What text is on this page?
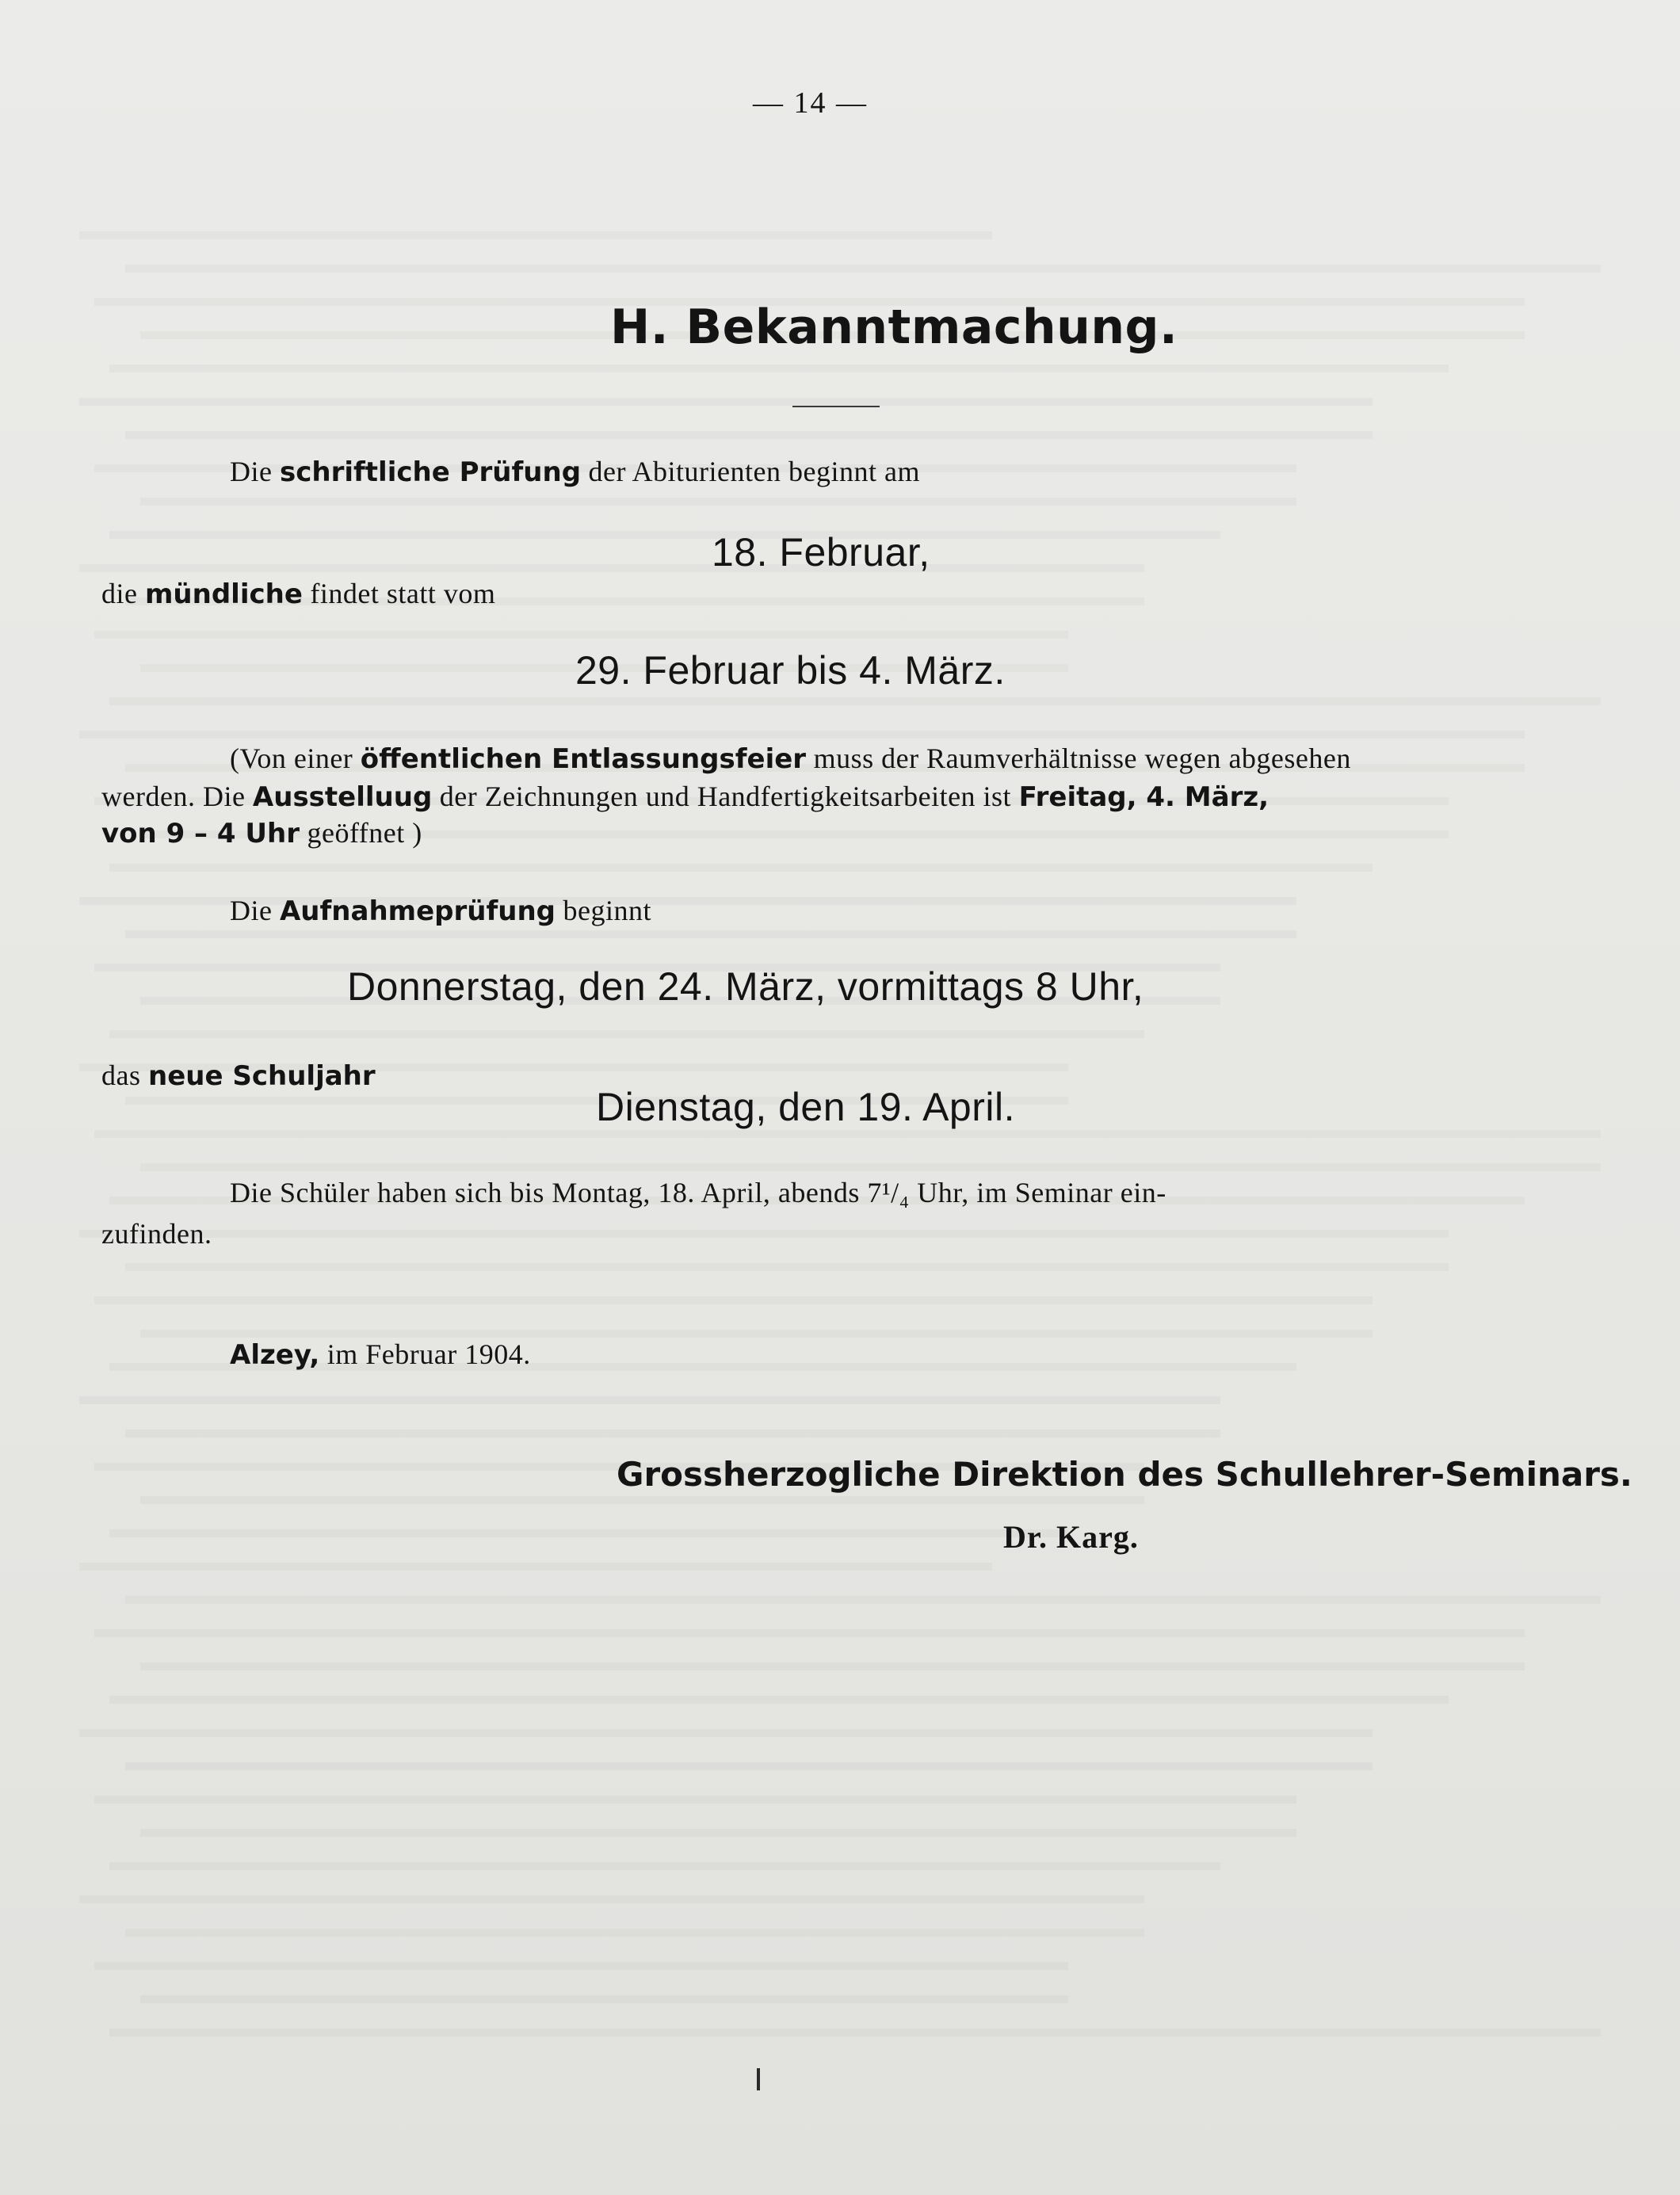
— 14 —
H. Bekanntmachung.
Die schriftliche Prüfung der Abiturienten beginnt am
18. Februar,
die mündliche findet statt vom
29. Februar bis 4. März.
(Von einer öffentlichen Entlassungsfeier muss der Raumverhältnisse wegen abgesehen
werden. Die Ausstelluug der Zeichnungen und Handfertigkeitsarbeiten ist Freitag, 4. März,
von 9 – 4 Uhr geöffnet )
Die Aufnahmeprüfung beginnt
Donnerstag, den 24. März, vormittags 8 Uhr,
das neue Schuljahr
Dienstag, den 19. April.
Die Schüler haben sich bis Montag, 18. April, abends 7¹/₄ Uhr, im Seminar ein-
zufinden.
Alzey, im Februar 1904.
Grossherzogliche Direktion des Schullehrer-Seminars.
Dr. Karg.
